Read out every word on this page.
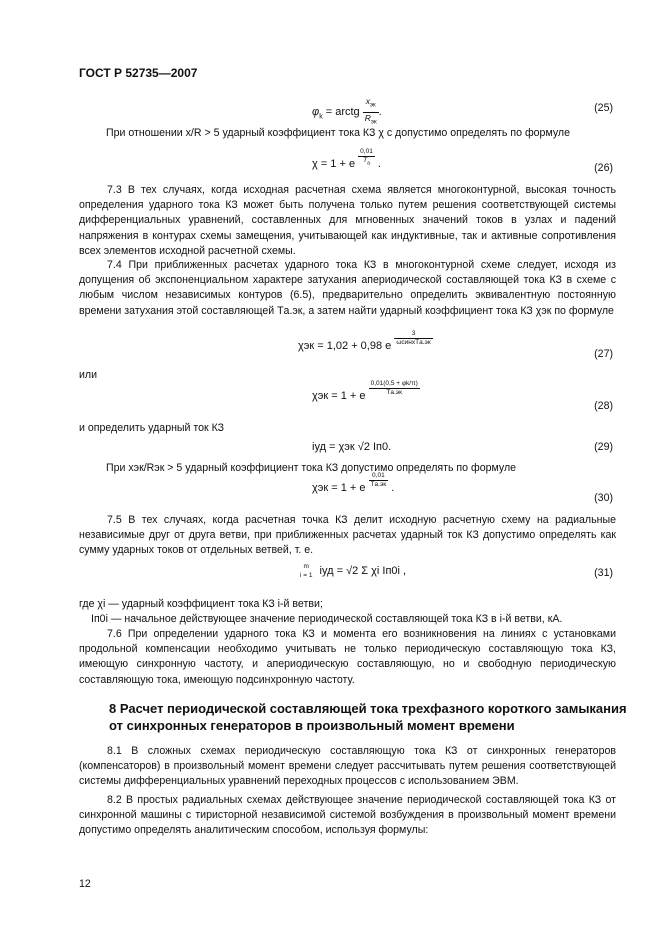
ГОСТ Р 52735—2007
$\varphi_k$ = arctg $\frac{x_{эк}}{R_{эк}}$ .	(25)
При отношении x/R > 5 ударный коэффициент тока КЗ χ с допустимо определять по формуле
χ = 1 + e $\frac{0,01}{T_а}$ .	(26)
7.3 В тех случаях, когда исходная расчетная схема является многоконтурной, высокая точность определения ударного тока КЗ может быть получена только путем решения соответствующей системы дифференциальных уравнений, составленных для мгновенных значений токов в узлах и падений напряжения в контурах схемы замещения, учитывающей как индуктивные, так и активные сопротивления всех элементов исходной расчетной схемы.
7.4 При приближенных расчетах ударного тока КЗ в многоконтурной схеме следует, исходя из допущения об экспоненциальном характере затухания апериодической составляющей тока КЗ в схеме с любым числом независимых контуров (6.5), предварительно определить эквивалентную постоянную времени затухания этой составляющей Tа.эк, а затем найти ударный коэффициент тока КЗ χэк по формуле
χэк = 1,02 + 0,98 e $\frac{3}{\text{ωсинхTа.эк}}$
(27)
или
χэк = 1 + e $\frac{0,01(0,5 + \varphi k/\pi)}{Tа.эк}$
(28)
и определить ударный ток КЗ
iуд = χэк √2 Iп0.	(29)
При xэк/Rэк > 5 ударный коэффициент тока КЗ допустимо определять по формуле
χэк = 1 + e $\frac{0,01}{Tа.эк}$ .
(30)
7.5 В тех случаях, когда расчетная точка КЗ делит исходную расчетную схему на радиальные независимые друг от друга ветви, при приближенных расчетах ударный ток КЗ допустимо определять как сумму ударных токов от отдельных ветвей, т. е.
m
i = 1 iуд = √2 Σ χi Iп0i ,	(31)
где χi — ударный коэффициент тока КЗ i-й ветви;
Iп0i — начальное действующее значение периодической составляющей тока КЗ в i-й ветви, кА.
7.6 При определении ударного тока КЗ и момента его возникновения на линиях с установками продольной компенсации необходимо учитывать не только периодическую составляющую тока КЗ, имеющую синхронную частоту, и апериодическую составляющую, но и свободную периодическую составляющую тока, имеющую подсинхронную частоту.
8 Расчет периодической составляющей тока трехфазного короткого замыкания от синхронных генераторов в произвольный момент времени
8.1 В сложных схемах периодическую составляющую тока КЗ от синхронных генераторов (компенсаторов) в произвольный момент времени следует рассчитывать путем решения соответствующей системы дифференциальных уравнений переходных процессов с использованием ЭВМ.
8.2 В простых радиальных схемах действующее значение периодической составляющей тока КЗ от синхронной машины с тиристорной независимой системой возбуждения в произвольный момент времени допустимо определять аналитическим способом, используя формулы:
12
